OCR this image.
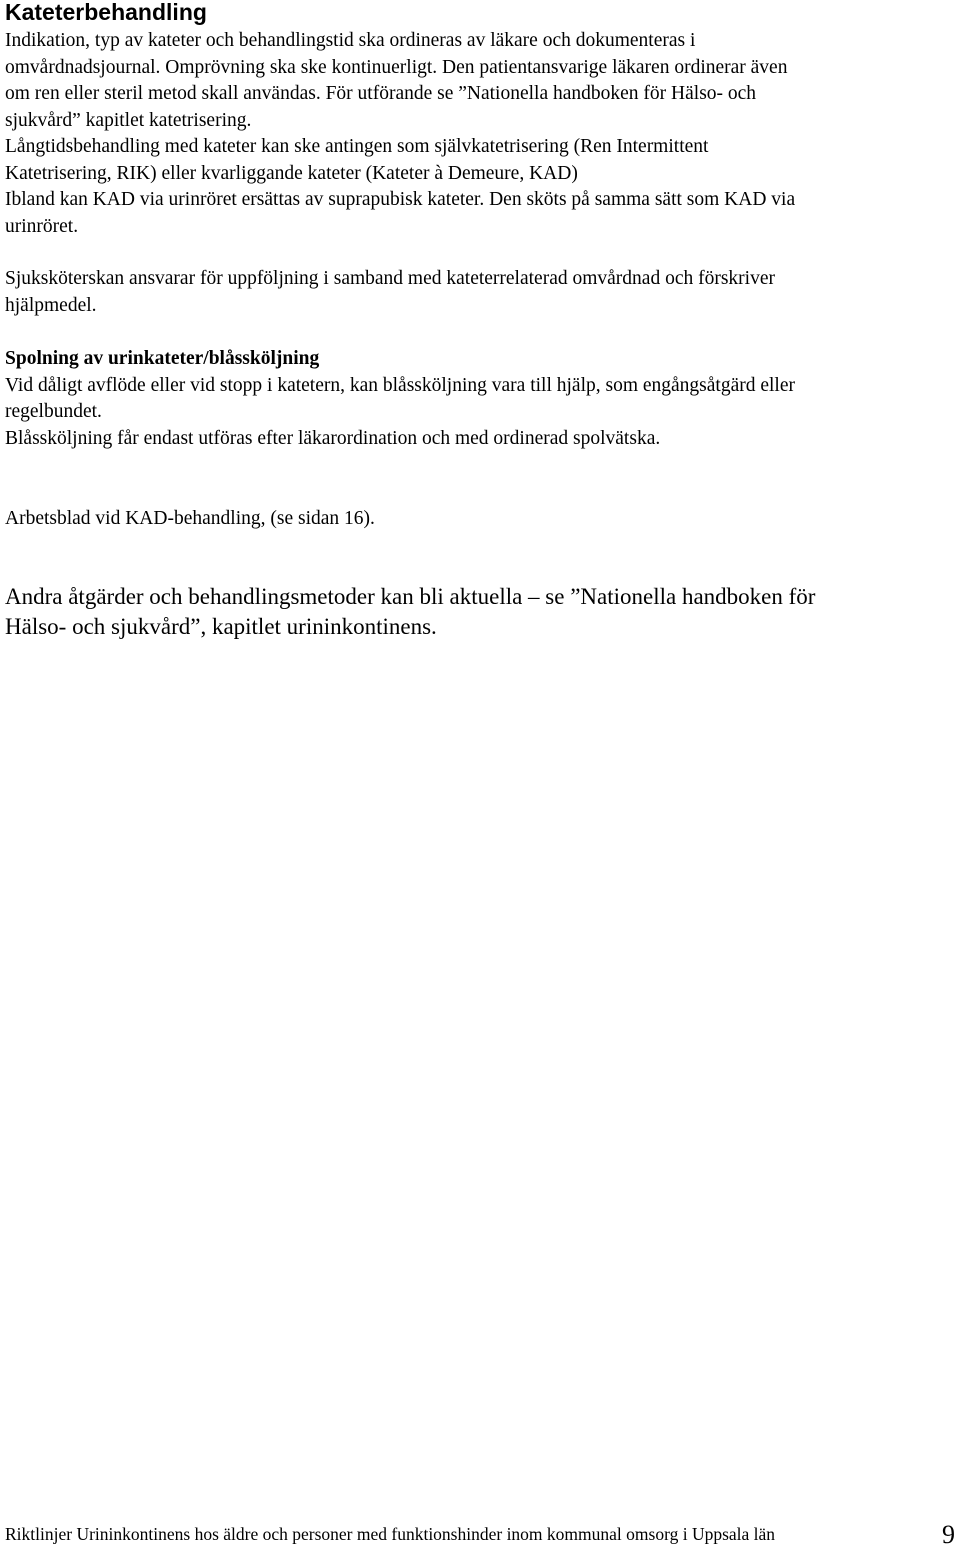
Kateterbehandling
Indikation, typ av kateter och behandlingstid ska ordineras av läkare och dokumenteras i
omvårdnadsjournal. Omprövning ska ske kontinuerligt. Den patientansvarige läkaren ordinerar även
om ren eller steril metod skall användas. För utförande se ”Nationella handboken för Hälso- och
sjukvård” kapitlet katetrisering.
Långtidsbehandling med kateter kan ske antingen som självkatetrisering (Ren Intermittent
Katetrisering, RIK) eller kvarliggande kateter (Kateter à Demeure, KAD)
Ibland kan KAD via urinröret ersättas av suprapubisk kateter. Den sköts på samma sätt som KAD via
urinröret.
Sjuksköterskan ansvarar för uppföljning i samband med kateterrelaterad omvårdnad och förskriver
hjälpmedel.
Spolning av urinkateter/blåssköljning
Vid dåligt avflöde eller vid stopp i katetern, kan blåssköljning vara till hjälp, som engångsåtgärd eller
regelbundet.
Blåssköljning får endast utföras efter läkarordination och med ordinerad spolvätska.
Arbetsblad vid KAD-behandling, (se sidan 16).
Andra åtgärder och behandlingsmetoder kan bli aktuella – se ”Nationella handboken för
Hälso- och sjukvård”, kapitlet urininkontinens.
Riktlinjer Urininkontinens hos äldre och personer med funktionshinder inom kommunal omsorg i Uppsala län	9
